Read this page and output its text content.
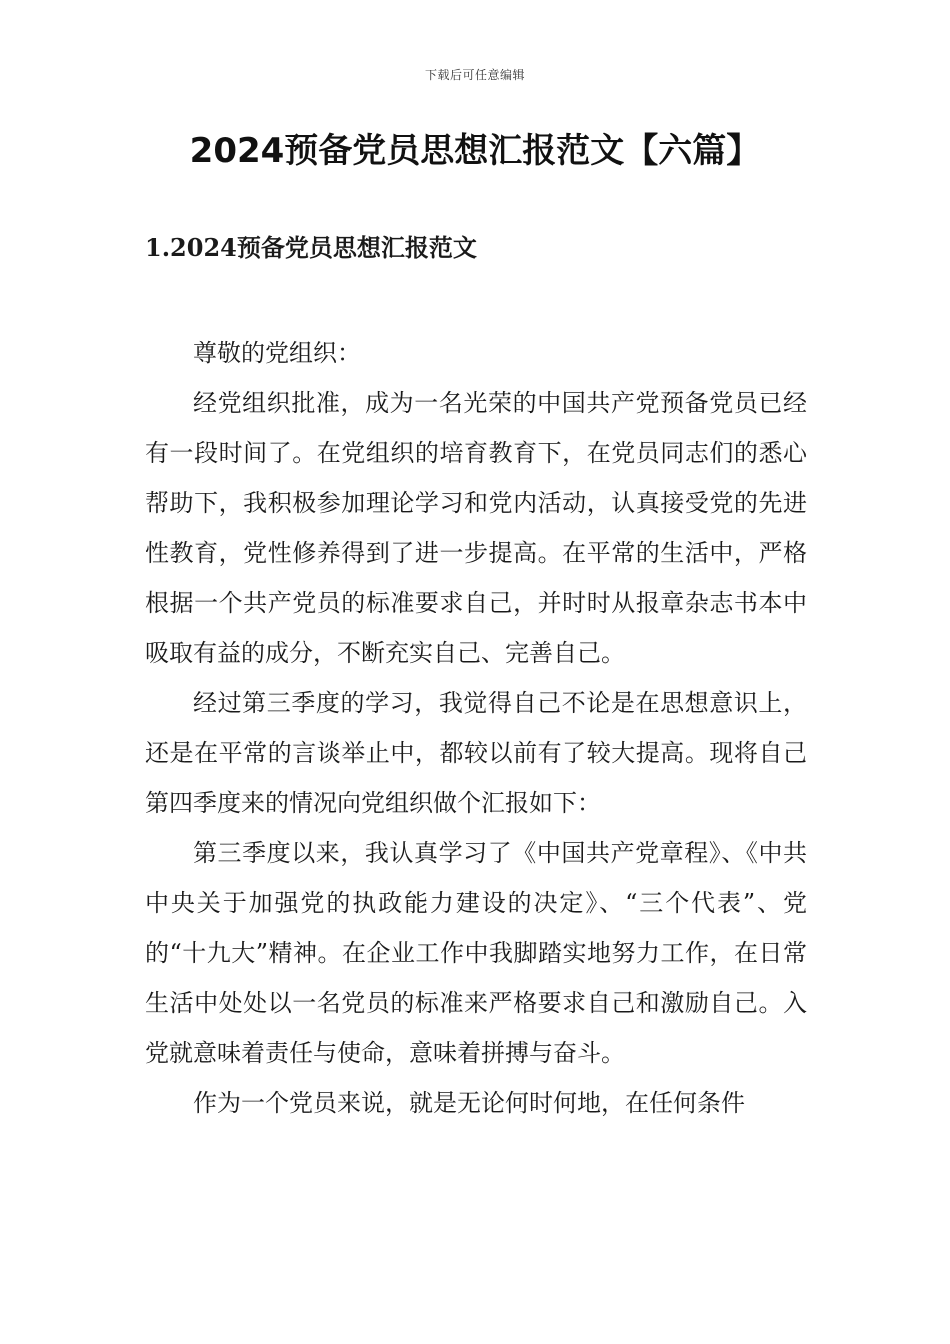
下载后可任意编辑
2024预备党员思想汇报范文【六篇】
1.2024预备党员思想汇报范文

尊敬的党组织：

经党组织批准，成为一名光荣的中国共产党预备党员已经有一段时间了。在党组织的培育教育下，在党员同志们的悉心帮助下，我积极参加理论学习和党内活动，认真接受党的先进性教育，党性修养得到了进一步提高。在平常的生活中，严格根据一个共产党员的标准要求自己，并时时从报章杂志书本中吸取有益的成分，不断充实自己、完善自己。

经过第三季度的学习，我觉得自己不论是在思想意识上，还是在平常的言谈举止中，都较以前有了较大提高。现将自己第四季度来的情况向党组织做个汇报如下：

第三季度以来，我认真学习了《中国共产党章程》、《中共中央关于加强党的执政能力建设的决定》、“三个代表”、党的“十九大”精神。在企业工作中我脚踏实地努力工作，在日常生活中处处以一名党员的标准来严格要求自己和激励自己。入党就意味着责任与使命，意味着拼搏与奋斗。

作为一个党员来说，就是无论何时何地，在任何条件
